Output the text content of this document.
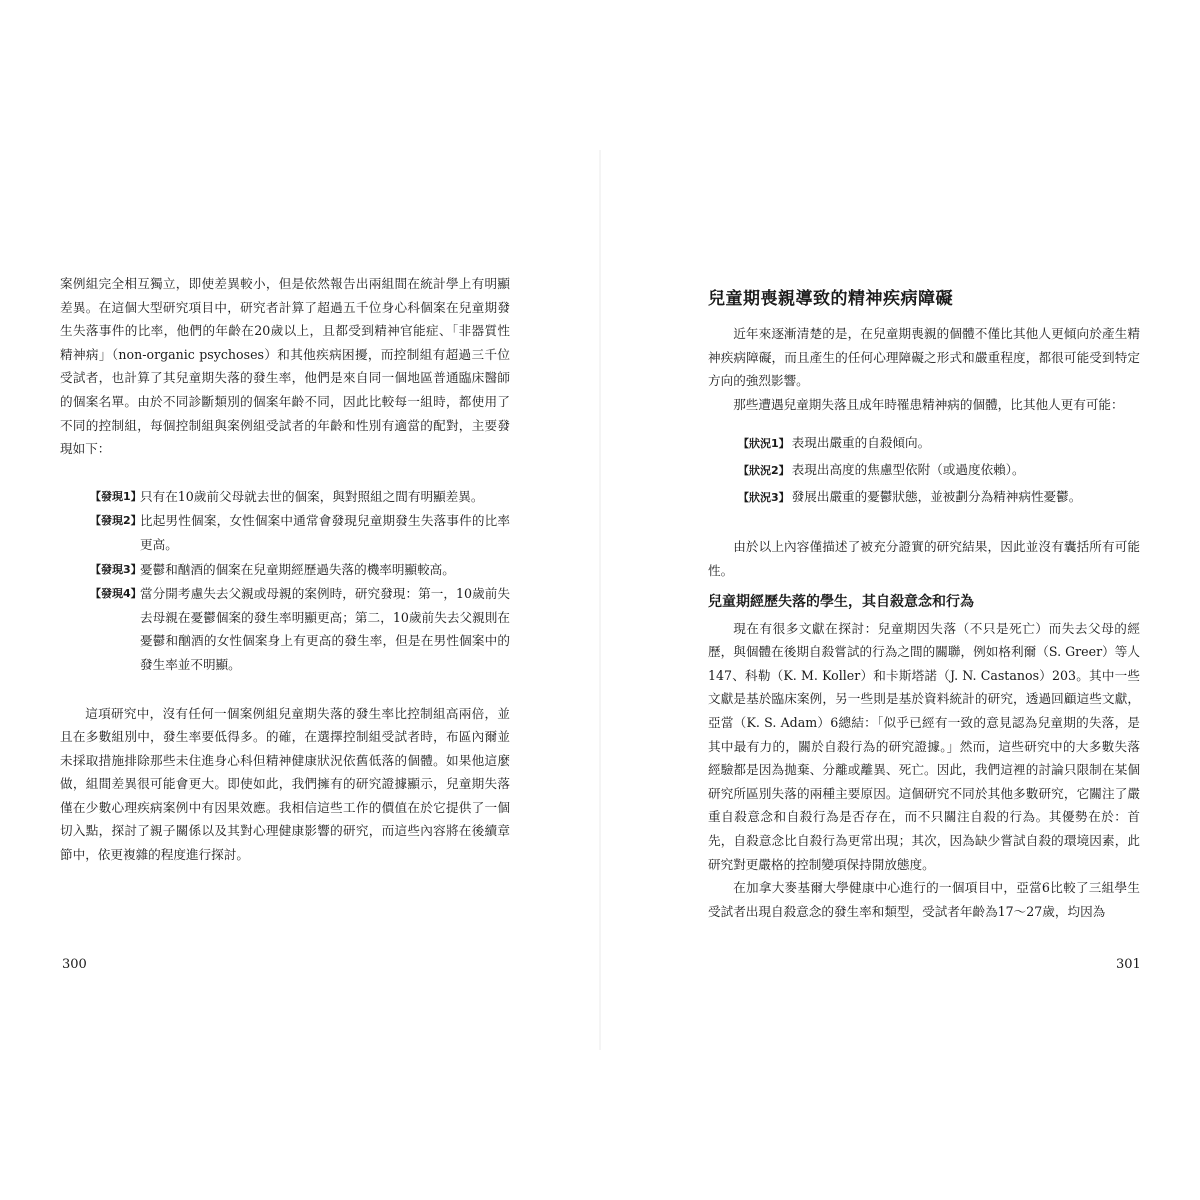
案例組完全相互獨立，即使差異較小，但是依然報告出兩組間在統計學上有明顯差異。在這個大型研究項目中，研究者計算了超過五千位身心科個案在兒童期發生失落事件的比率，他們的年齡在20歲以上，且都受到精神官能症、「非器質性精神病」（non-organic psychoses）和其他疾病困擾，而控制組有超過三千位受試者，也計算了其兒童期失落的發生率，他們是來自同一個地區普通臨床醫師的個案名單。由於不同診斷類別的個案年齡不同，因此比較每一組時，都使用了不同的控制組，每個控制組與案例組受試者的年齡和性別有適當的配對，主要發現如下：

【發現1】
只有在10歲前父母就去世的個案，與對照組之間有明顯差異。
【發現2】
比起男性個案，女性個案中通常會發現兒童期發生失落事件的比率更高。
【發現3】
憂鬱和酗酒的個案在兒童期經歷過失落的機率明顯較高。
【發現4】
當分開考慮失去父親或母親的案例時，研究發現：第一，10歲前失去母親在憂鬱個案的發生率明顯更高；第二，10歲前失去父親則在憂鬱和酗酒的女性個案身上有更高的發生率，但是在男性個案中的發生率並不明顯。

這項研究中，沒有任何一個案例組兒童期失落的發生率比控制組高兩倍，並且在多數組別中，發生率要低得多。的確，在選擇控制組受試者時，布區內爾並未採取措施排除那些未住進身心科但精神健康狀況依舊低落的個體。如果他這麼做，組間差異很可能會更大。即使如此，我們擁有的研究證據顯示，兒童期失落僅在少數心理疾病案例中有因果效應。我相信這些工作的價值在於它提供了一個切入點，探討了親子關係以及其對心理健康影響的研究，而這些內容將在後續章節中，依更複雜的程度進行探討。

300
兒童期喪親導致的精神疾病障礙

近年來逐漸清楚的是，在兒童期喪親的個體不僅比其他人更傾向於產生精神疾病障礙，而且產生的任何心理障礙之形式和嚴重程度，都很可能受到特定方向的強烈影響。

那些遭遇兒童期失落且成年時罹患精神病的個體，比其他人更有可能：

【狀況1】 表現出嚴重的自殺傾向。
【狀況2】 表現出高度的焦慮型依附（或過度依賴）。
【狀況3】 發展出嚴重的憂鬱狀態，並被劃分為精神病性憂鬱。

由於以上內容僅描述了被充分證實的研究結果，因此並沒有囊括所有可能性。

兒童期經歷失落的學生，其自殺意念和行為

現在有很多文獻在探討：兒童期因失落（不只是死亡）而失去父母的經歷，與個體在後期自殺嘗試的行為之間的關聯，例如格利爾（S. Greer）等人147、科勒（K. M. Koller）和卡斯塔諾（J. N. Castanos）203。其中一些文獻是基於臨床案例，另一些則是基於資料統計的研究，透過回顧這些文獻，亞當（K. S. Adam）6總結：「似乎已經有一致的意見認為兒童期的失落，是其中最有力的，關於自殺行為的研究證據。」然而，這些研究中的大多數失落經驗都是因為拋棄、分離或離異、死亡。因此，我們這裡的討論只限制在某個研究所區別失落的兩種主要原因。這個研究不同於其他多數研究，它關注了嚴重自殺意念和自殺行為是否存在，而不只關注自殺的行為。其優勢在於：首先，自殺意念比自殺行為更常出現；其次，因為缺少嘗試自殺的環境因素，此研究對更嚴格的控制變項保持開放態度。

在加拿大麥基爾大學健康中心進行的一個項目中，亞當6比較了三組學生受試者出現自殺意念的發生率和類型，受試者年齡為17～27歲，均因為

301
